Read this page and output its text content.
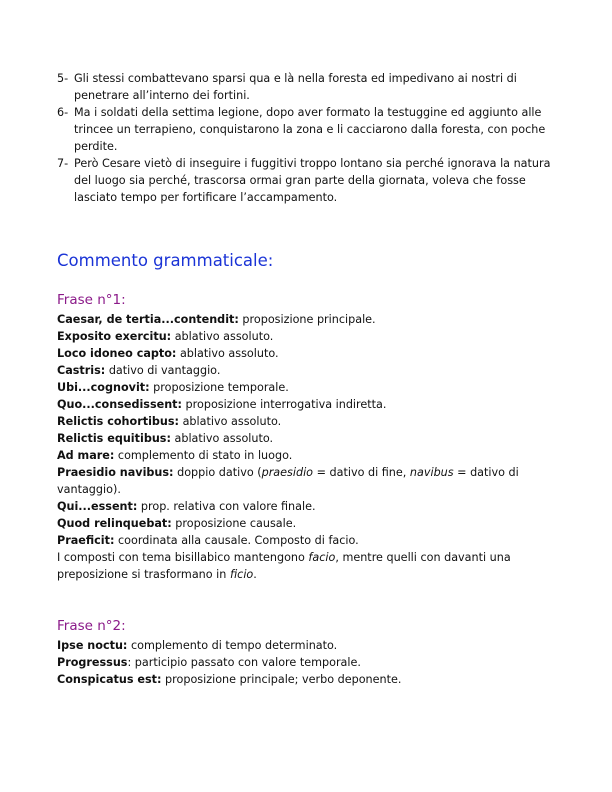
5- Gli stessi combattevano sparsi qua e là nella foresta ed impedivano ai nostri di penetrare all’interno dei fortini.
6- Ma i soldati della settima legione, dopo aver formato la testuggine ed aggiunto alle trincee un terrapieno, conquistarono la zona e li cacciarono dalla foresta, con poche perdite.
7- Però Cesare vietò di inseguire i fuggitivi troppo lontano sia perché ignorava la natura del luogo sia perché, trascorsa ormai gran parte della giornata, voleva che fosse lasciato tempo per fortificare l’accampamento.
Commento grammaticale:
Frase n°1:
Caesar, de tertia...contendit: proposizione principale.
Exposito exercitu: ablativo assoluto.
Loco idoneo capto: ablativo assoluto.
Castris: dativo di vantaggio.
Ubi...cognovit: proposizione temporale.
Quo...consedissent: proposizione interrogativa indiretta.
Relictis cohortibus: ablativo assoluto.
Relictis equitibus: ablativo assoluto.
Ad mare: complemento di stato in luogo.
Praesidio navibus: doppio dativo (praesidio = dativo di fine, navibus = dativo di vantaggio).
Qui...essent: prop. relativa con valore finale.
Quod relinquebat: proposizione causale.
Praeficit: coordinata alla causale. Composto di facio.
I composti con tema bisillabico mantengono facio, mentre quelli con davanti una preposizione si trasformano in ficio.
Frase n°2:
Ipse noctu: complemento di tempo determinato.
Progressus: participio passato con valore temporale.
Conspicatus est: proposizione principale; verbo deponente.
